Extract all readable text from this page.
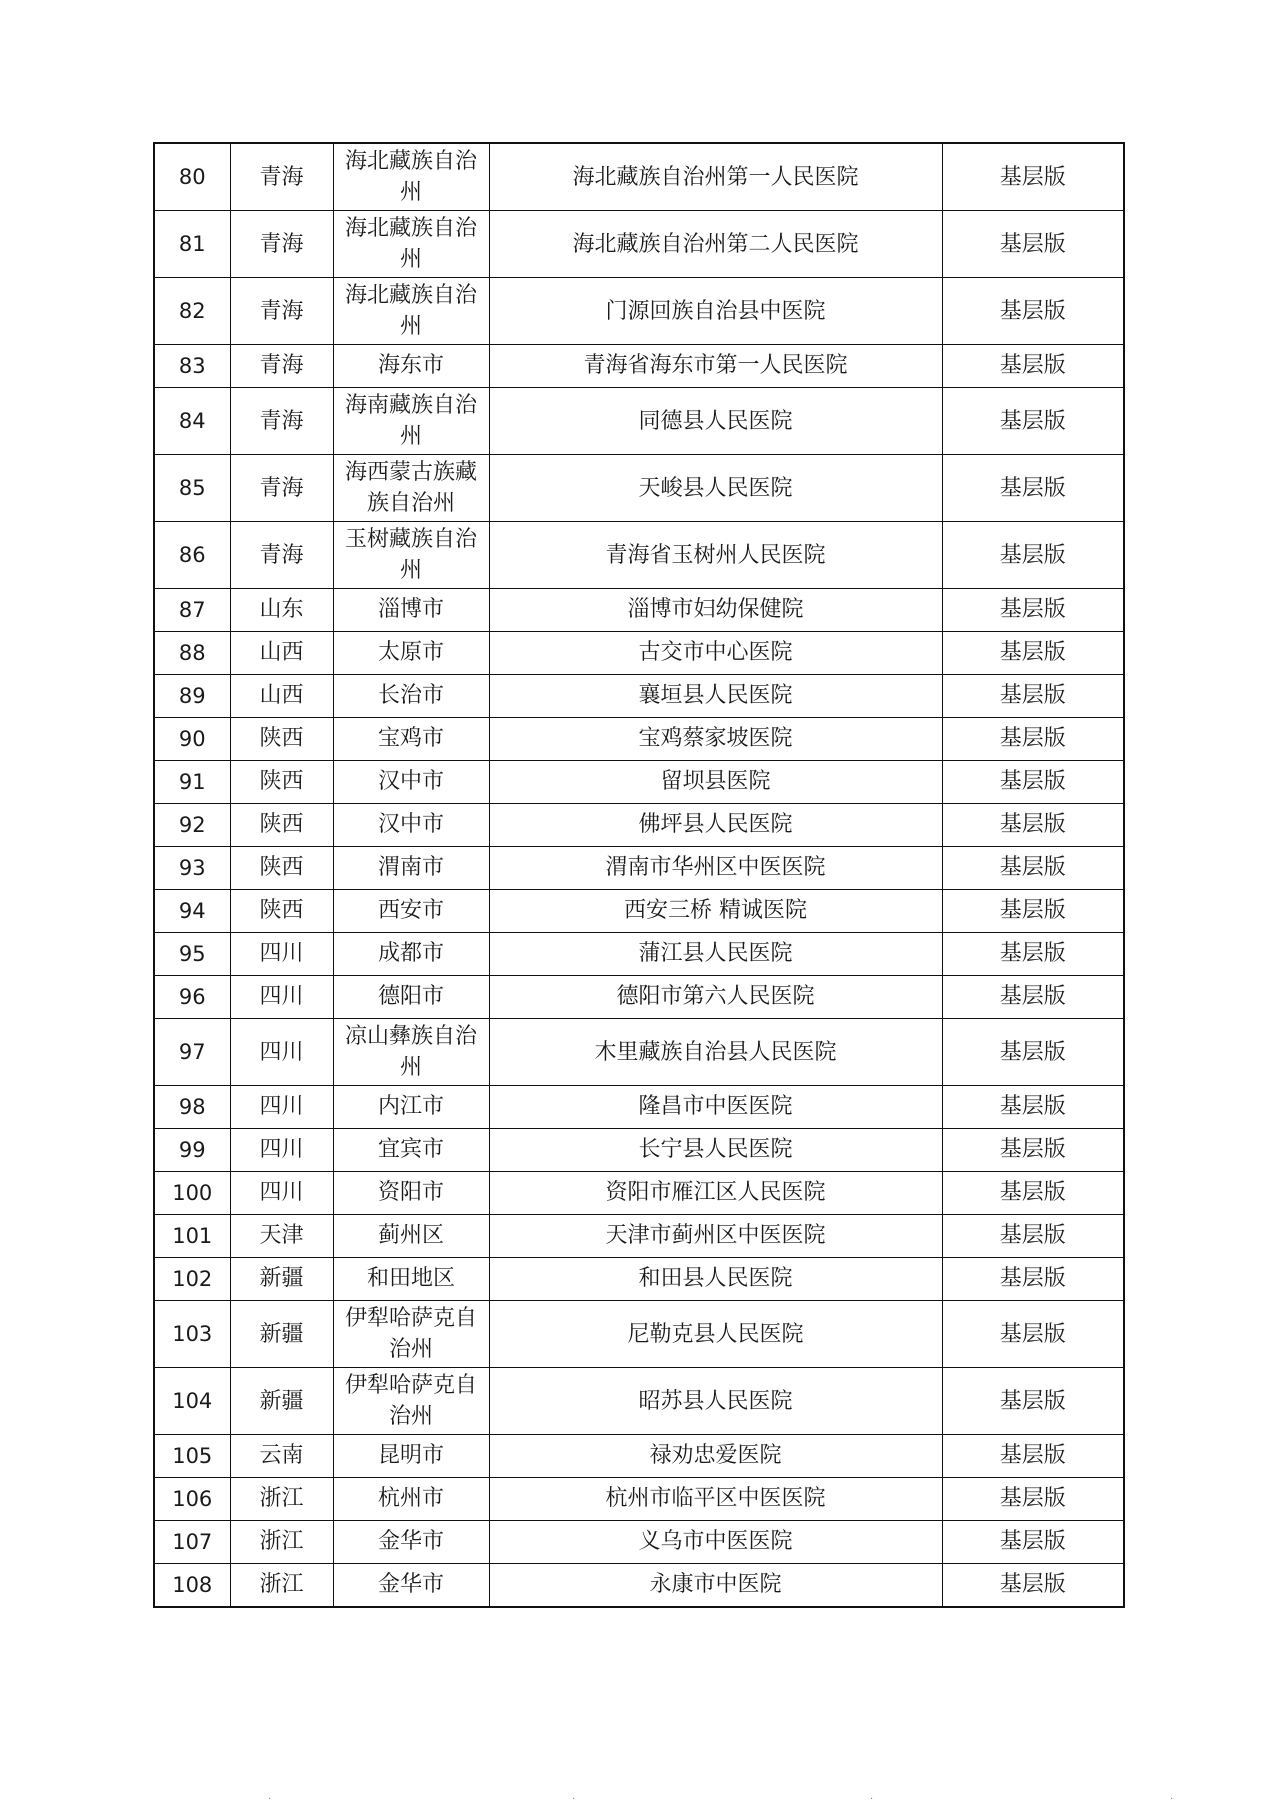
80	青海	海北藏族自治州	海北藏族自治州第一人民医院	基层版
81	青海	海北藏族自治州	海北藏族自治州第二人民医院	基层版
82	青海	海北藏族自治州	门源回族自治县中医院	基层版
83	青海	海东市	青海省海东市第一人民医院	基层版
84	青海	海南藏族自治州	同德县人民医院	基层版
85	青海	海西蒙古族藏族自治州	天峻县人民医院	基层版
86	青海	玉树藏族自治州	青海省玉树州人民医院	基层版
87	山东	淄博市	淄博市妇幼保健院	基层版
88	山西	太原市	古交市中心医院	基层版
89	山西	长治市	襄垣县人民医院	基层版
90	陕西	宝鸡市	宝鸡蔡家坡医院	基层版
91	陕西	汉中市	留坝县医院	基层版
92	陕西	汉中市	佛坪县人民医院	基层版
93	陕西	渭南市	渭南市华州区中医医院	基层版
94	陕西	西安市	西安三桥 精诚医院	基层版
95	四川	成都市	蒲江县人民医院	基层版
96	四川	德阳市	德阳市第六人民医院	基层版
97	四川	凉山彝族自治州	木里藏族自治县人民医院	基层版
98	四川	内江市	隆昌市中医医院	基层版
99	四川	宜宾市	长宁县人民医院	基层版
100	四川	资阳市	资阳市雁江区人民医院	基层版
101	天津	蓟州区	天津市蓟州区中医医院	基层版
102	新疆	和田地区	和田县人民医院	基层版
103	新疆	伊犁哈萨克自治州	尼勒克县人民医院	基层版
104	新疆	伊犁哈萨克自治州	昭苏县人民医院	基层版
105	云南	昆明市	禄劝忠爱医院	基层版
106	浙江	杭州市	杭州市临平区中医医院	基层版
107	浙江	金华市	义乌市中医医院	基层版
108	浙江	金华市	永康市中医院	基层版
·	·	·	·
